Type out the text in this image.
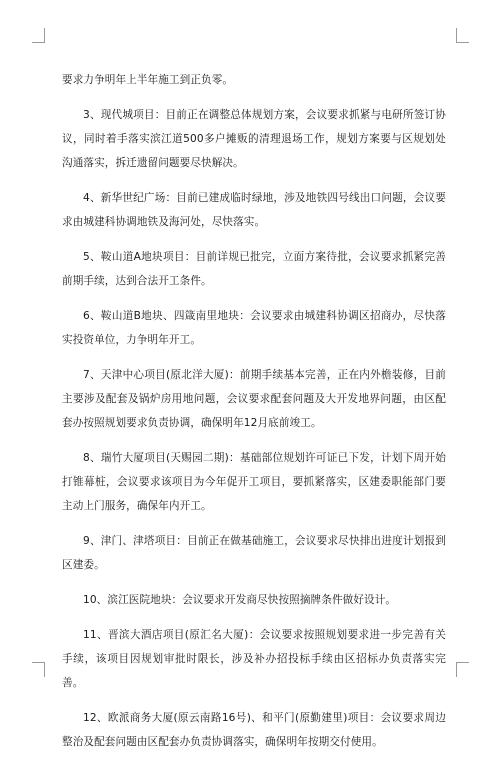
要求力争明年上半年施工到正负零。

3、现代城项目：目前正在调整总体规划方案，会议要求抓紧与电研所签订协议，同时着手落实滨江道500多户摊贩的清理退场工作，规划方案要与区规划处沟通落实，拆迁遗留问题要尽快解决。

4、新华世纪广场：目前已建成临时绿地，涉及地铁四号线出口问题，会议要求由城建科协调地铁及海河处，尽快落实。

5、鞍山道A地块项目：目前详规已批完，立面方案待批，会议要求抓紧完善前期手续，达到合法开工条件。

6、鞍山道B地块、四箴南里地块：会议要求由城建科协调区招商办，尽快落实投资单位，力争明年开工。

7、天津中心项目(原北洋大厦)：前期手续基本完善，正在内外檐装修，目前主要涉及配套及锅炉房用地问题，会议要求配套问题及大开发地界问题，由区配套办按照规划要求负责协调，确保明年12月底前竣工。

8、瑞竹大厦项目(天赐园二期)：基础部位规划许可证已下发，计划下周开始打锥幕桩，会议要求该项目为今年促开工项目，要抓紧落实，区建委职能部门要主动上门服务，确保年内开工。

9、津门、津塔项目：目前正在做基础施工，会议要求尽快排出进度计划报到区建委。

10、滨江医院地块：会议要求开发商尽快按照摘牌条件做好设计。

11、晋滨大酒店项目(原汇名大厦)：会议要求按照规划要求进一步完善有关手续，该项目因规划审批时限长，涉及补办招投标手续由区招标办负责落实完善。

12、欧派商务大厦(原云南路16号)、和平门(原勤建里)项目：会议要求周边整治及配套问题由区配套办负责协调落实，确保明年按期交付使用。
